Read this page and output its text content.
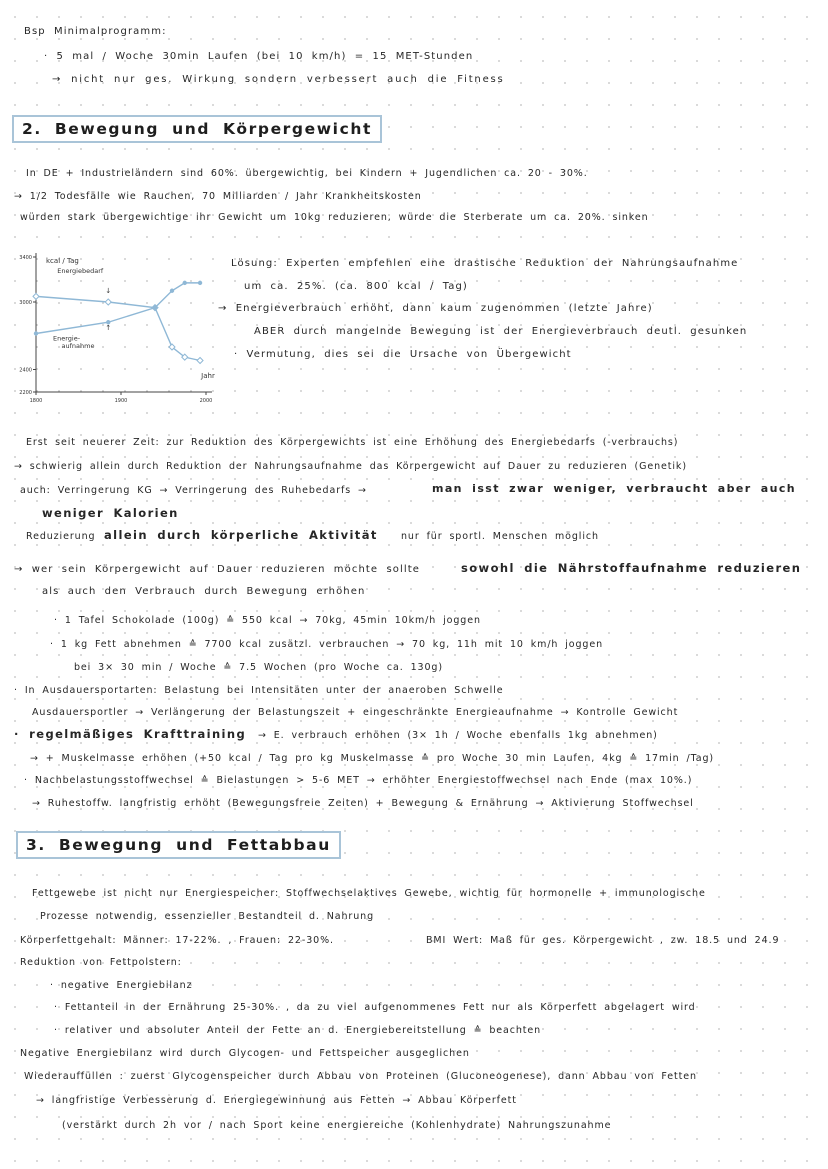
Bsp Minimalprogramm:
· 5 mal / Woche 30min Laufen (bei 10 km/h) = 15 MET-Stunden
→ nicht nur ges. Wirkung sondern verbessert auch die Fitness
2. Bewegung und Körpergewicht
In DE + Industrieländern sind 60%. übergewichtig, bei Kindern + Jugendlichen ca. 20 - 30%.
→ 1/2 Todesfälle wie Rauchen, 70 Milliarden / Jahr Krankheitskosten
würden stark übergewichtige ihr Gewicht um 10kg reduzieren, würde die Sterberate um ca. 20%. sinken
3400
3000
2400
2200
1800	1900	2000
kcal / Tag
Jahr
Energiebedarf
Energie-
aufnahme
↓
↑
Lösung: Experten empfehlen eine drastische Reduktion der Nahrungsaufnahme
um ca. 25%. (ca. 800 kcal / Tag)
→ Energieverbrauch erhöht, dann kaum zugenommen (letzte Jahre)
ABER durch mangelnde Bewegung ist der Energieverbrauch deutl. gesunken
· Vermutung, dies sei die Ursache von Übergewicht
Erst seit neuerer Zeit: zur Reduktion des Körpergewichts ist eine Erhöhung des Energiebedarfs (-verbrauchs)
→ schwierig allein durch Reduktion der Nahrungsaufnahme das Körpergewicht auf Dauer zu reduzieren (Genetik)
auch: Verringerung KG → Verringerung des Ruhebedarfs →	man isst zwar weniger, verbraucht aber auch
weniger Kalorien
Reduzierung allein durch körperliche Aktivität nur für sportl. Menschen möglich
→ wer sein Körpergewicht auf Dauer reduzieren möchte sollte	sowohl die Nährstoffaufnahme reduzieren
als auch den Verbrauch durch Bewegung erhöhen
· 1 Tafel Schokolade (100g) ≙ 550 kcal → 70kg, 45min 10km/h joggen
· 1 kg Fett abnehmen ≙ 7700 kcal zusätzl. verbrauchen → 70 kg, 11h mit 10 km/h joggen
bei 3× 30 min / Woche ≙ 7.5 Wochen (pro Woche ca. 130g)
· In Ausdauersportarten: Belastung bei Intensitäten unter der anaeroben Schwelle
Ausdauersportler → Verlängerung der Belastungszeit + eingeschränkte Energieaufnahme → Kontrolle Gewicht
· regelmäßiges Krafttraining → E. verbrauch erhöhen (3× 1h / Woche ebenfalls 1kg abnehmen)
→ + Muskelmasse erhöhen (+50 kcal / Tag pro kg Muskelmasse ≙ pro Woche 30 min Laufen, 4kg ≙ 17min /Tag)
· Nachbelastungsstoffwechsel ≙ Bielastungen > 5-6 MET → erhöhter Energiestoffwechsel nach Ende (max 10%.)
→ Ruhestoffw. langfristig erhöht (Bewegungsfreie Zeiten) + Bewegung & Ernährung → Aktivierung Stoffwechsel
3. Bewegung und Fettabbau
Fettgewebe ist nicht nur Energiespeicher: Stoffwechselaktives Gewebe, wichtig für hormonelle + immunologische
Prozesse notwendig, essenzieller Bestandteil d. Nahrung
Körperfettgehalt: Männer: 17-22%. , Frauen: 22-30%.	BMI Wert: Maß für ges. Körpergewicht , zw. 18.5 und 24.9
Reduktion von Fettpolstern:
· negative Energiebilanz
· Fettanteil in der Ernährung 25-30%. , da zu viel aufgenommenes Fett nur als Körperfett abgelagert wird
· relativer und absoluter Anteil der Fette an d. Energiebereitstellung ≙ beachten
Negative Energiebilanz wird durch Glycogen- und Fettspeicher ausgeglichen
Wiederauffüllen : zuerst Glycogenspeicher durch Abbau von Proteinen (Gluconeogenese), dann Abbau von Fetten
→ langfristige Verbesserung d. Energiegewinnung aus Fetten → Abbau Körperfett
(verstärkt durch 2h vor / nach Sport keine energiereiche (Kohlenhydrate) Nahrungszunahme
